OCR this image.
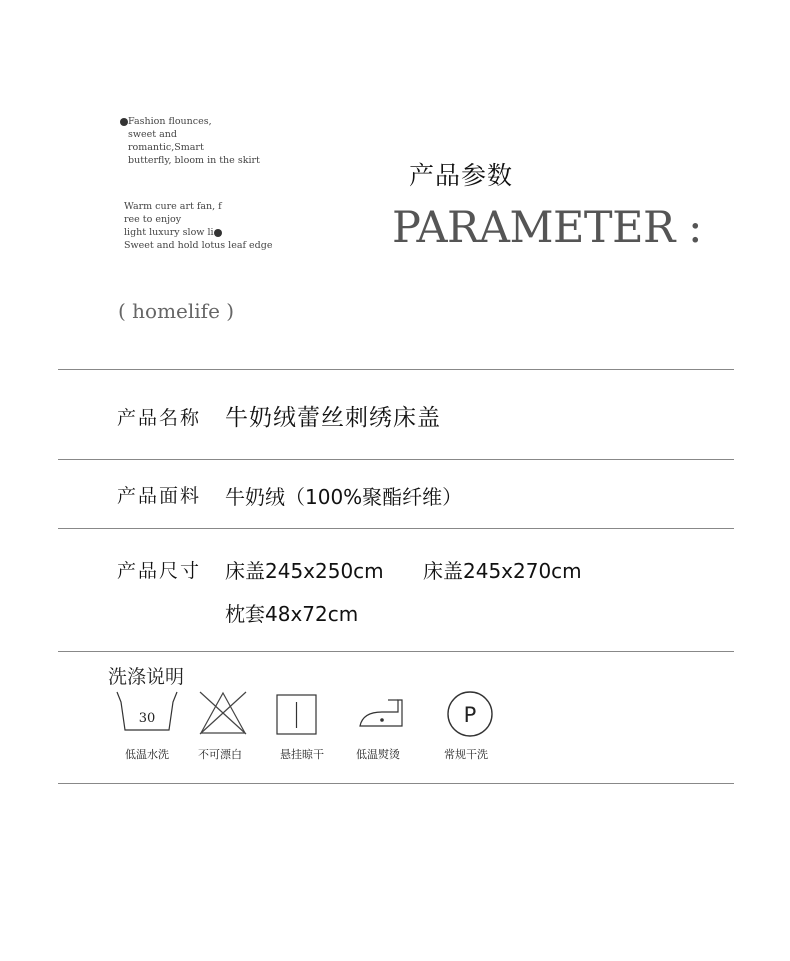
Fashion flounces,
sweet and
romantic,Smart
butterfly, bloom in the skirt
Warm cure art fan, f
ree to enjoy
light luxury slow li
Sweet and hold lotus leaf edge
产品参数
PARAMETER :
( homelife )
产品名称 牛奶绒蕾丝刺绣床盖
产品面料 牛奶绒（100%聚酯纤维）
产品尺寸 床盖245x250cm 床盖245x270cm
枕套48x72cm
洗涤说明
30
低温水洗	不可漂白	悬挂晾干	低温熨烫
P
常规干洗
